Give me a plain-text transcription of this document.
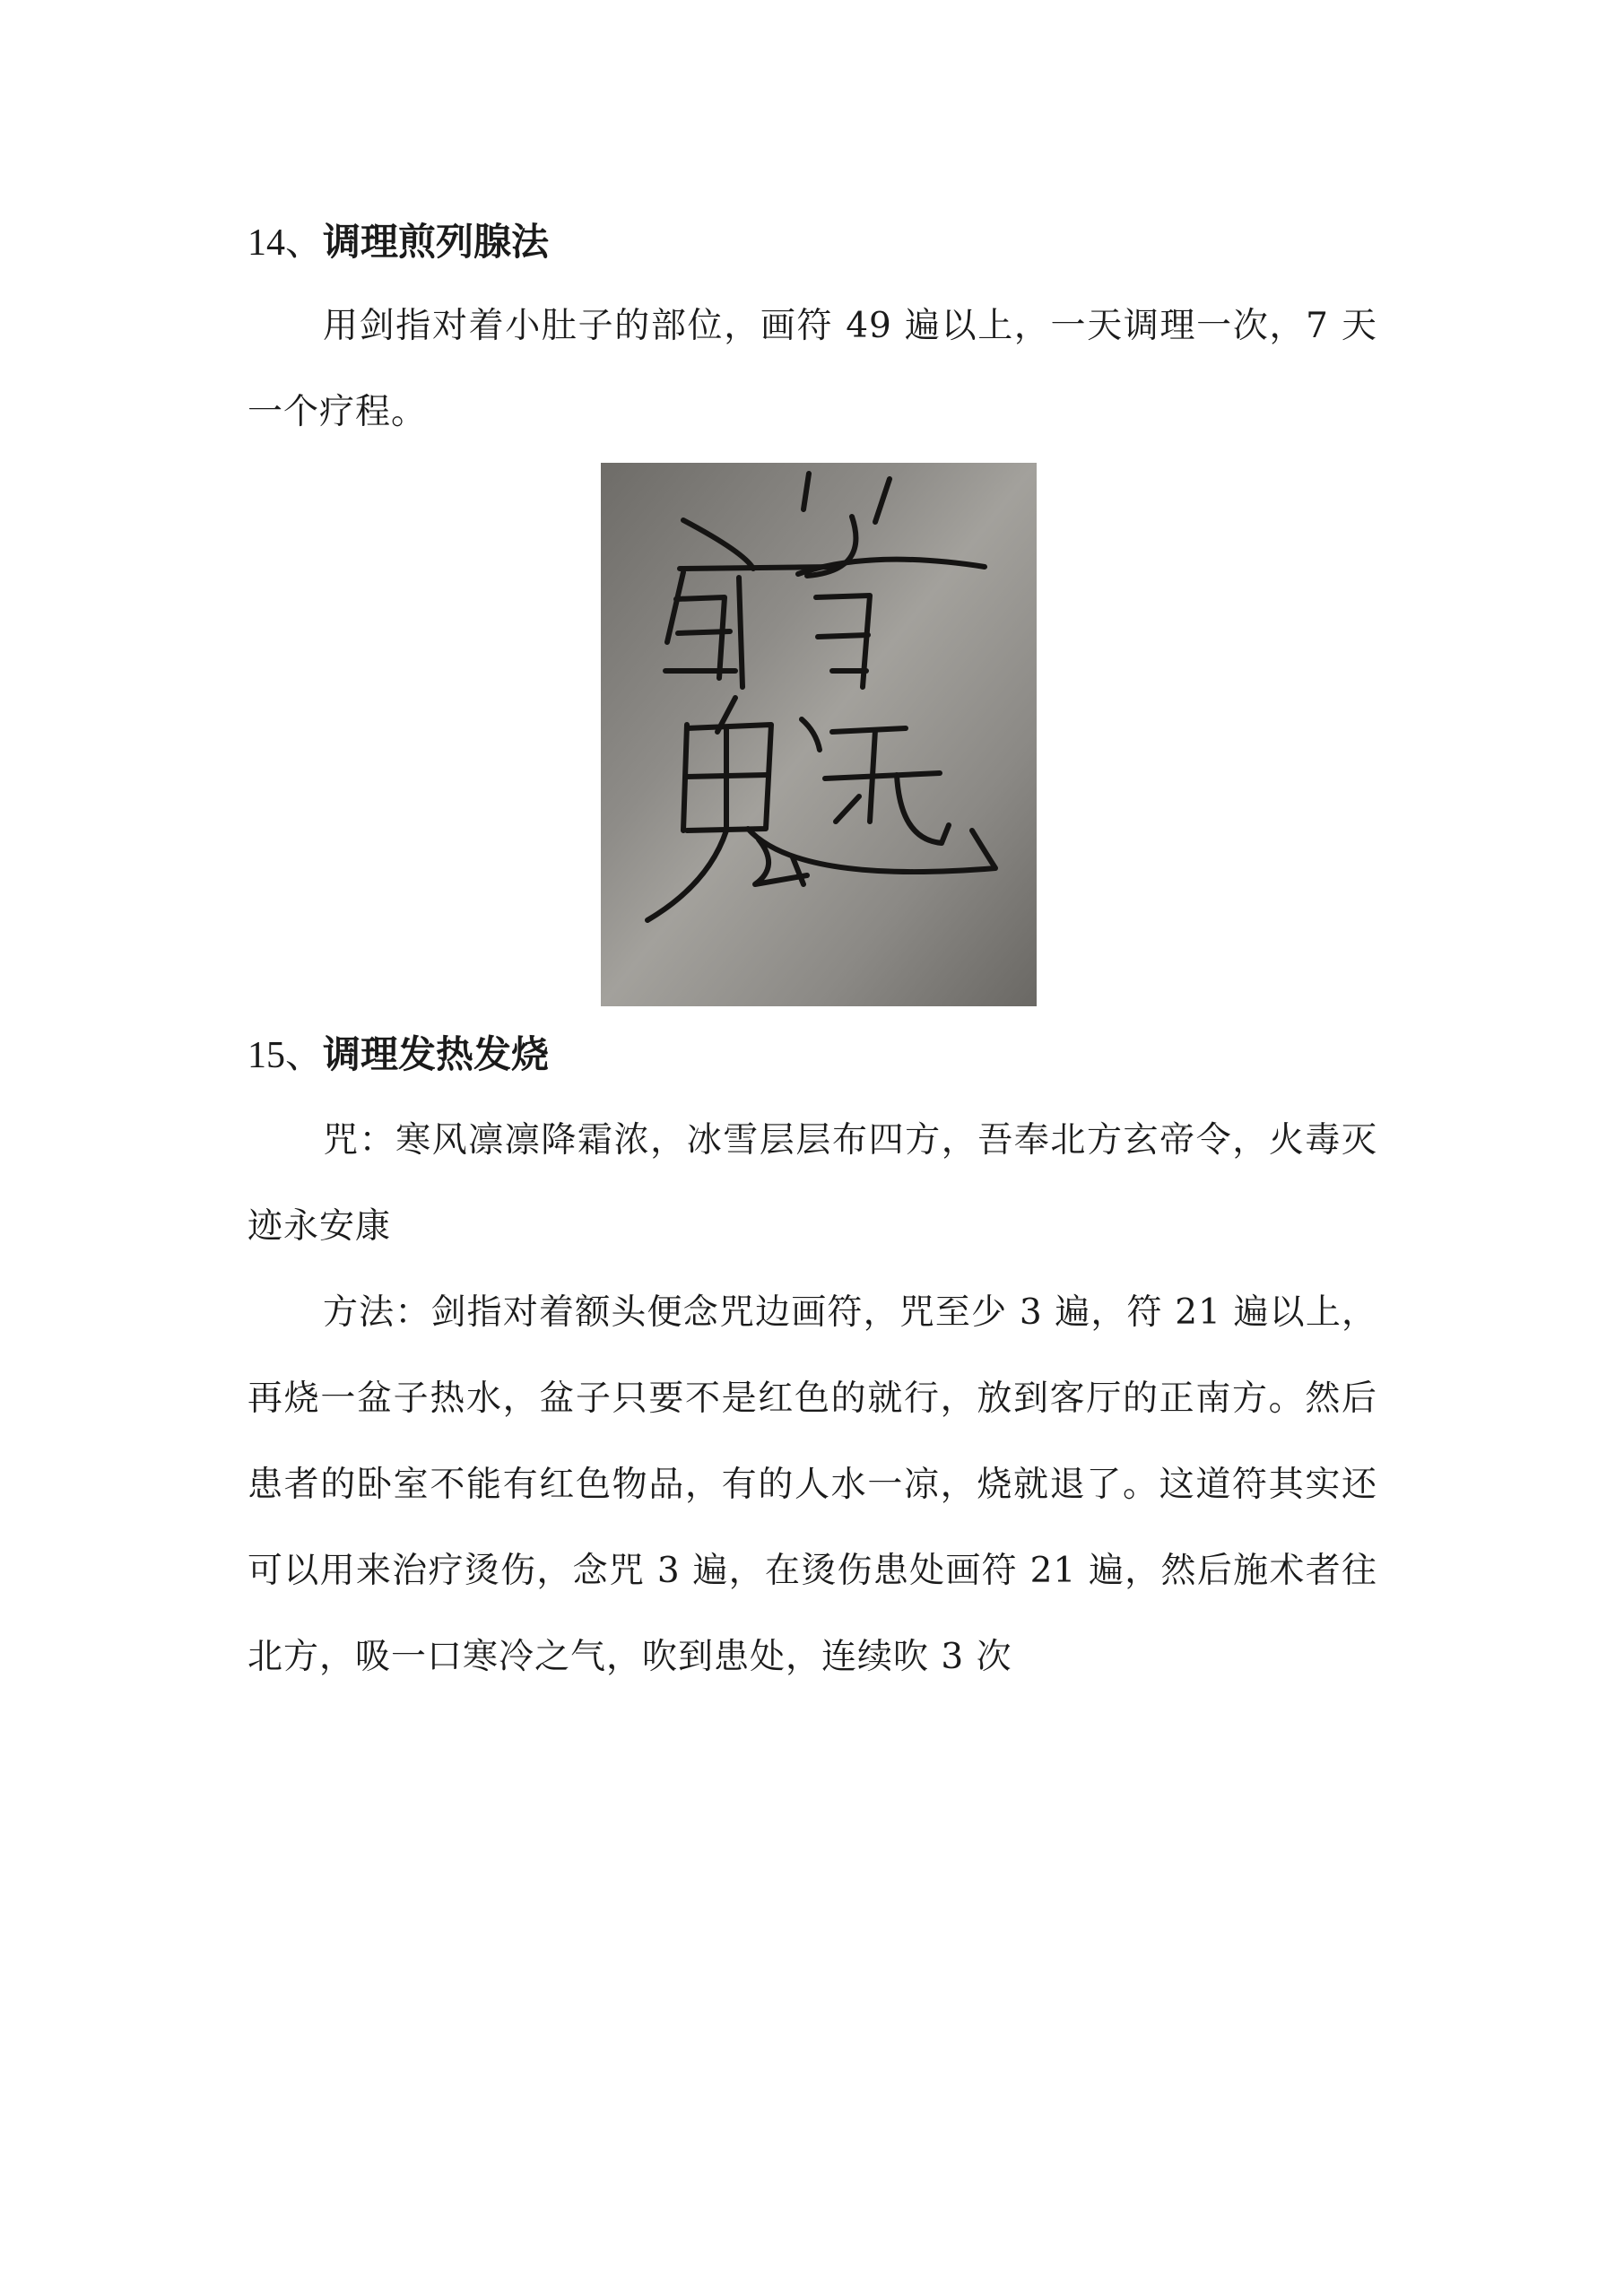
14、调理煎列腺法
用剑指对着小肚子的部位，画符 49 遍以上，一天调理一次，7 天一个疗程。
15、调理发热发烧
咒：寒风凛凛降霜浓，冰雪层层布四方，吾奉北方玄帝令，火毒灭迹永安康
方法：剑指对着额头便念咒边画符，咒至少 3 遍，符 21 遍以上，再烧一盆子热水，盆子只要不是红色的就行，放到客厅的正南方。然后患者的卧室不能有红色物品，有的人水一凉，烧就退了。这道符其实还可以用来治疗烫伤，念咒 3 遍，在烫伤患处画符 21 遍，然后施术者往北方，吸一口寒冷之气，吹到患处，连续吹 3 次
